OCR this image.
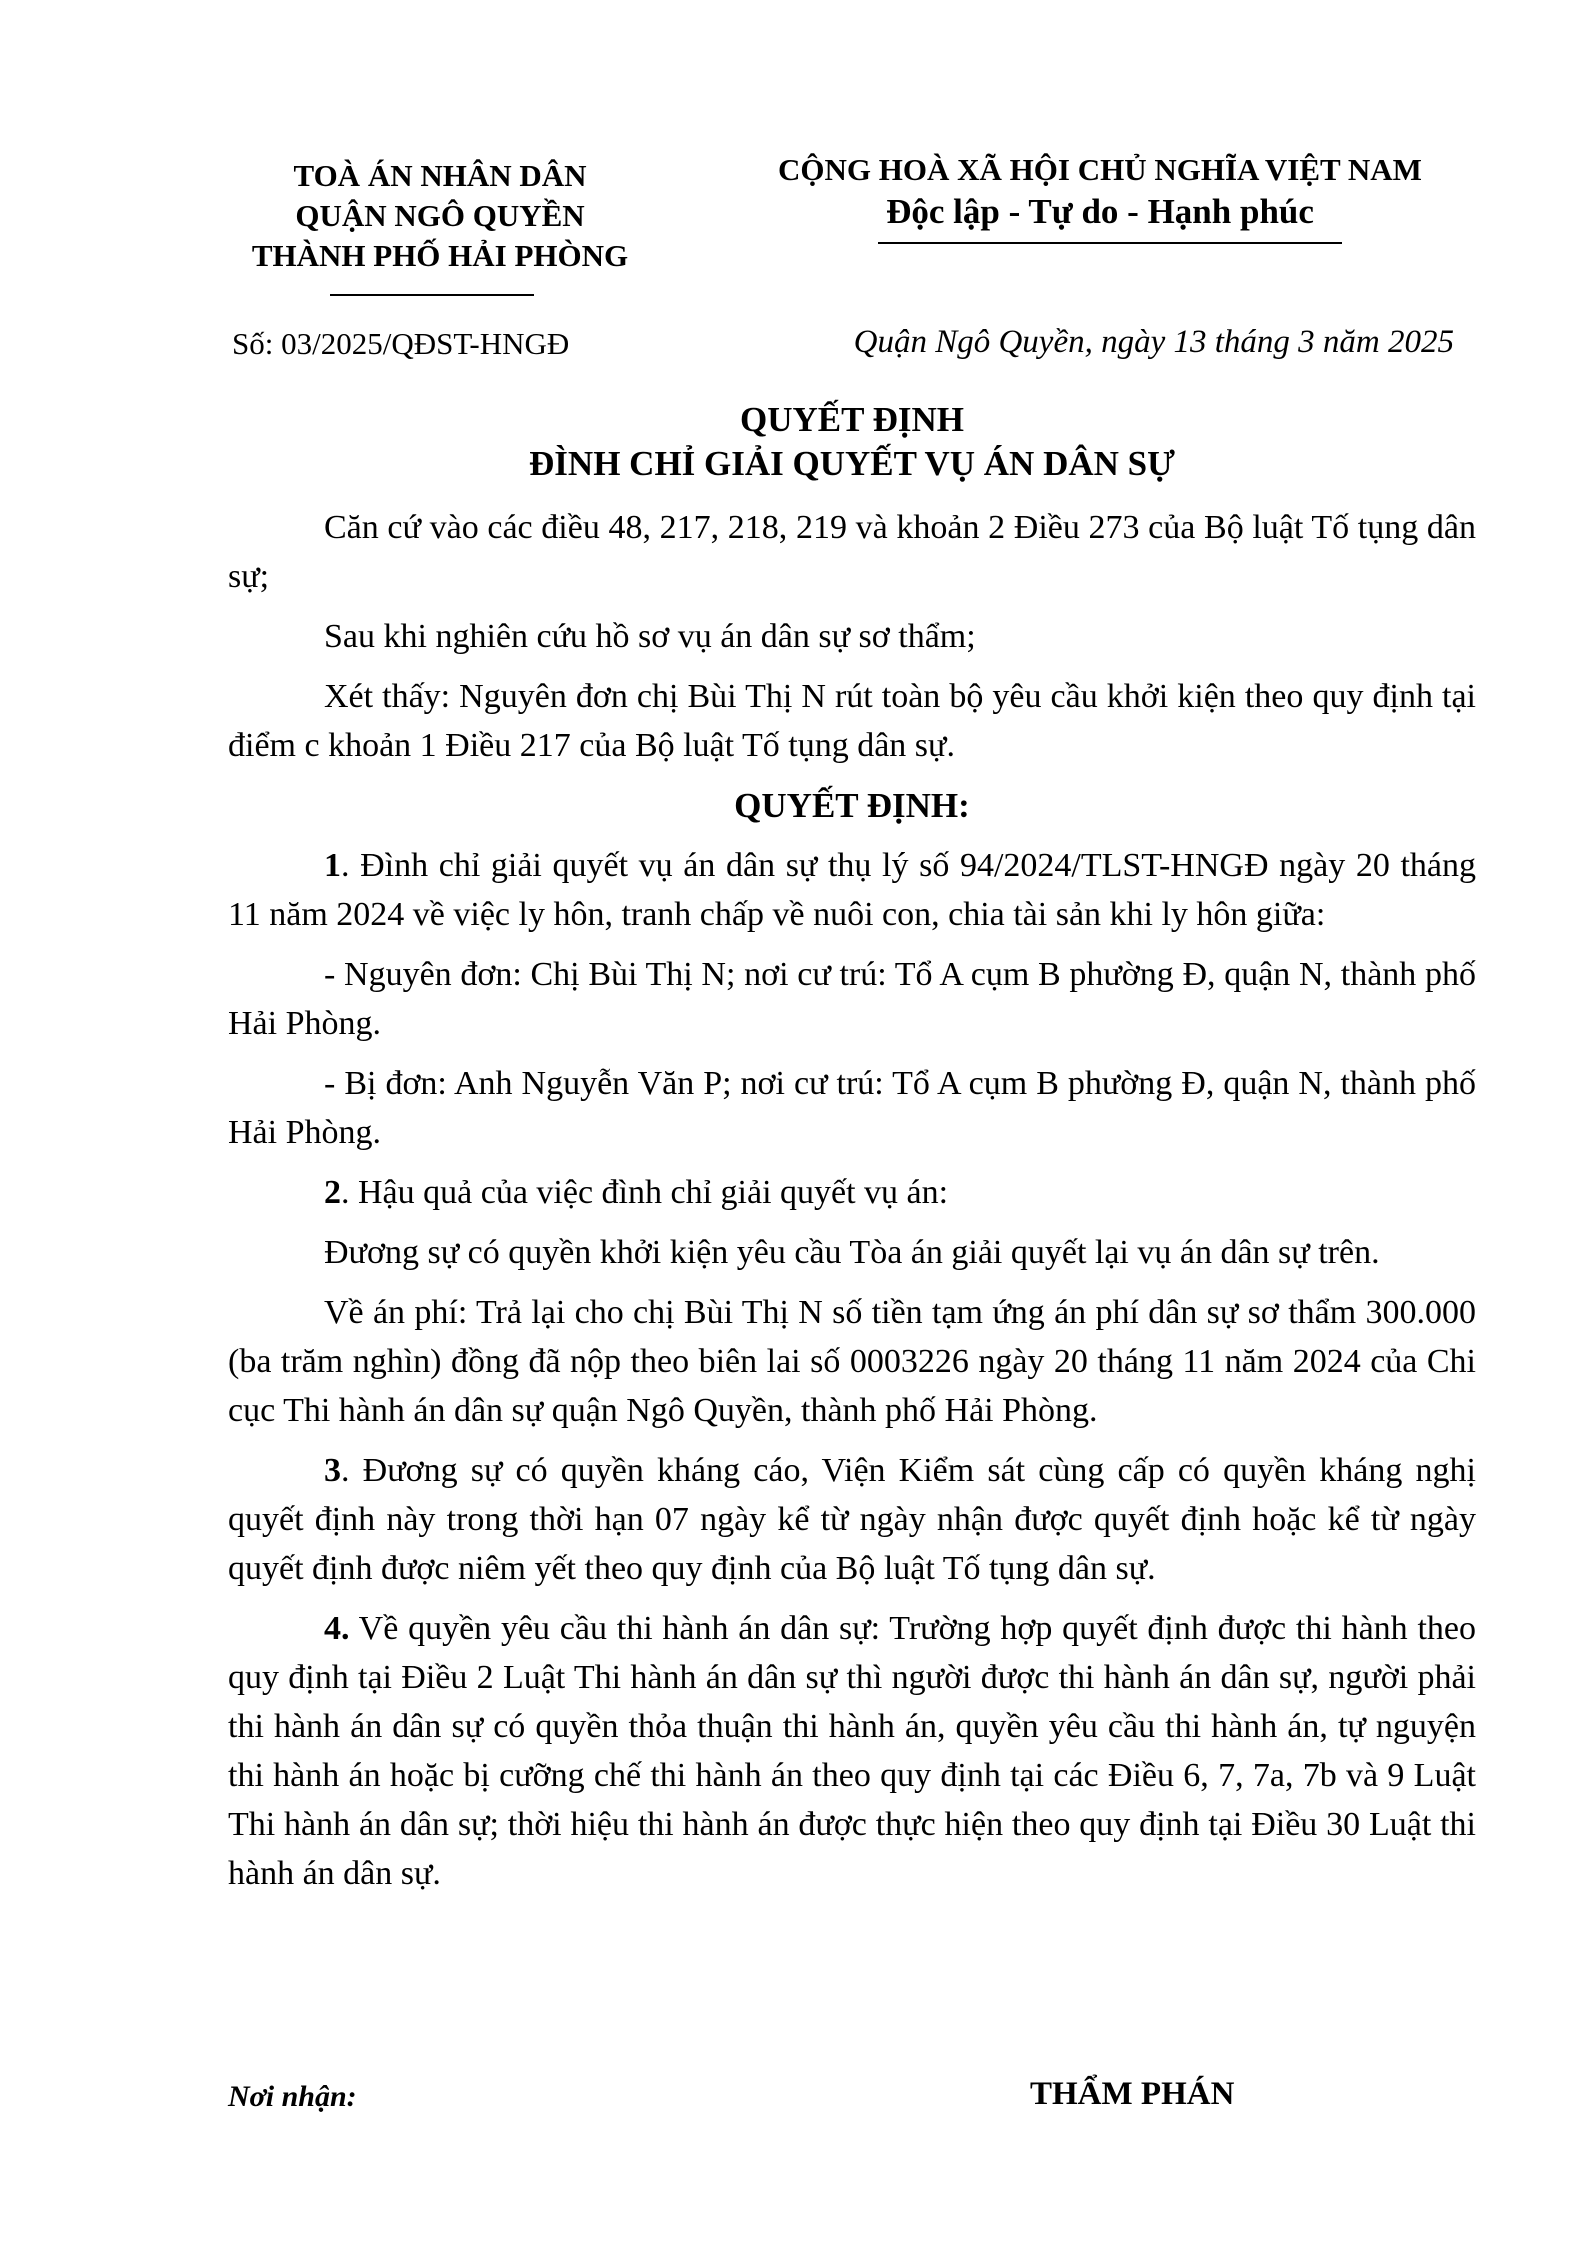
TOÀ ÁN NHÂN DÂN
QUẬN NGÔ QUYỀN
THÀNH PHỐ HẢI PHÒNG
CỘNG HOÀ XÃ HỘI CHỦ NGHĨA VIỆT NAM
Độc lập - Tự do - Hạnh phúc
Số: 03/2025/QĐST-HNGĐ	Quận Ngô Quyền, ngày 13 tháng 3 năm 2025
QUYẾT ĐỊNH
ĐÌNH CHỈ GIẢI QUYẾT VỤ ÁN DÂN SỰ

Căn cứ vào các điều 48, 217, 218, 219 và khoản 2 Điều 273 của Bộ luật Tố tụng dân sự;

Sau khi nghiên cứu hồ sơ vụ án dân sự sơ thẩm;

Xét thấy: Nguyên đơn chị Bùi Thị N rút toàn bộ yêu cầu khởi kiện theo quy định tại điểm c khoản 1 Điều 217 của Bộ luật Tố tụng dân sự.

QUYẾT ĐỊNH:

1. Đình chỉ giải quyết vụ án dân sự thụ lý số 94/2024/TLST-HNGĐ ngày 20 tháng 11 năm 2024 về việc ly hôn, tranh chấp về nuôi con, chia tài sản khi ly hôn giữa:

- Nguyên đơn: Chị Bùi Thị N; nơi cư trú: Tổ A cụm B phường Đ, quận N, thành phố Hải Phòng.

- Bị đơn: Anh Nguyễn Văn P; nơi cư trú: Tổ A cụm B phường Đ, quận N, thành phố Hải Phòng.

2. Hậu quả của việc đình chỉ giải quyết vụ án:

Đương sự có quyền khởi kiện yêu cầu Tòa án giải quyết lại vụ án dân sự trên.

Về án phí: Trả lại cho chị Bùi Thị N số tiền tạm ứng án phí dân sự sơ thẩm 300.000 (ba trăm nghìn) đồng đã nộp theo biên lai số 0003226 ngày 20 tháng 11 năm 2024 của Chi cục Thi hành án dân sự quận Ngô Quyền, thành phố Hải Phòng.

3. Đương sự có quyền kháng cáo, Viện Kiểm sát cùng cấp có quyền kháng nghị quyết định này trong thời hạn 07 ngày kể từ ngày nhận được quyết định hoặc kể từ ngày quyết định được niêm yết theo quy định của Bộ luật Tố tụng dân sự.

4. Về quyền yêu cầu thi hành án dân sự: Trường hợp quyết định được thi hành theo quy định tại Điều 2 Luật Thi hành án dân sự thì người được thi hành án dân sự, người phải thi hành án dân sự có quyền thỏa thuận thi hành án, quyền yêu cầu thi hành án, tự nguyện thi hành án hoặc bị cưỡng chế thi hành án theo quy định tại các Điều 6, 7, 7a, 7b và 9 Luật Thi hành án dân sự; thời hiệu thi hành án được thực hiện theo quy định tại Điều 30 Luật thi hành án dân sự.

Nơi nhận:	THẨM PHÁN
